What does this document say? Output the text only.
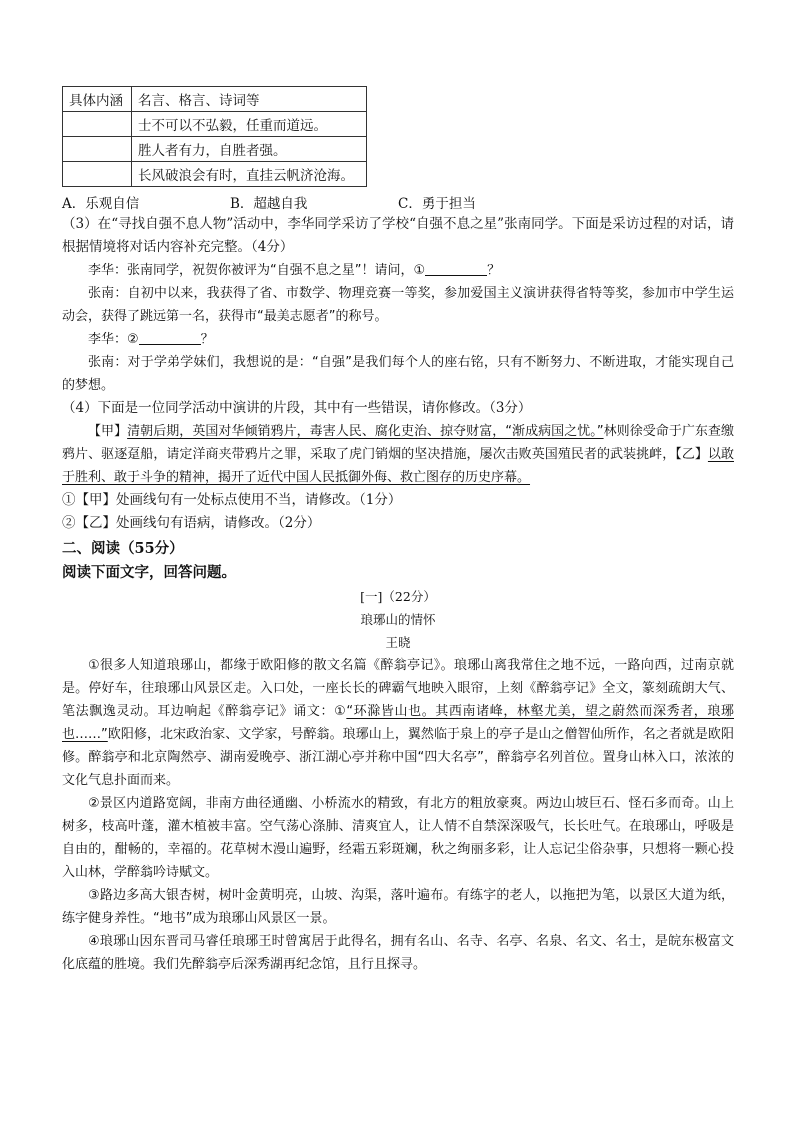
具体内涵	名言、格言、诗词等
	士不可以不弘毅，任重而道远。
	胜人者有力，自胜者强。
	长风破浪会有时，直挂云帆济沧海。
A．乐观自信	B．超越自我	C．勇于担当

（3）在“寻找自强不息人物”活动中，李华同学采访了学校“自强不息之星”张南同学。下面是采访过程的对话，请根据情境将对话内容补充完整。（4分）

李华：张南同学，祝贺你被评为“自强不息之星”！请问，①	？

张南：自初中以来，我获得了省、市数学、物理竞赛一等奖，参加爱国主义演讲获得省特等奖，参加市中学生运动会，获得了跳远第一名，获得市“最美志愿者”的称号。

李华：②	？

张南：对于学弟学妹们，我想说的是：“自强”是我们每个人的座右铭，只有不断努力、不断进取，才能实现自己的梦想。

（4）下面是一位同学活动中演讲的片段，其中有一些错误，请你修改。（3分）

【甲】清朝后期，英国对华倾销鸦片，毒害人民、腐化吏治、掠夺财富，“渐成病国之忧。”林则徐受命于广东查缴鸦片、驱逐趸船，请定洋商夹带鸦片之罪，采取了虎门销烟的坚决措施，屡次击败英国殖民者的武装挑衅，【乙】以敢于胜利、敢于斗争的精神，揭开了近代中国人民抵御外侮、救亡图存的历史序幕。

①【甲】处画线句有一处标点使用不当，请修改。（1分）

②【乙】处画线句有语病，请修改。（2分）

二、阅读（55分）

阅读下面文字，回答问题。

[一]（22分）

琅琊山的情怀

王晓

①很多人知道琅琊山，都缘于欧阳修的散文名篇《醉翁亭记》。琅琊山离我常住之地不远，一路向西，过南京就是。停好车，往琅琊山风景区走。入口处，一座长长的碑霸气地映入眼帘，上刻《醉翁亭记》全文，篆刻疏朗大气、笔法飘逸灵动。耳边响起《醉翁亭记》诵文：①“环滁皆山也。其西南诸峰，林壑尤美，望之蔚然而深秀者，琅琊也……”欧阳修，北宋政治家、文学家，号醉翁。琅琊山上，翼然临于泉上的亭子是山之僧智仙所作，名之者就是欧阳修。醉翁亭和北京陶然亭、湖南爱晚亭、浙江湖心亭并称中国“四大名亭”，醉翁亭名列首位。置身山林入口，浓浓的文化气息扑面而来。

②景区内道路宽阔，非南方曲径通幽、小桥流水的精致，有北方的粗放豪爽。两边山坡巨石、怪石多而奇。山上树多，枝高叶蓬，灌木植被丰富。空气荡心涤肺、清爽宜人，让人情不自禁深深吸气，长长吐气。在琅琊山，呼吸是自由的，酣畅的，幸福的。花草树木漫山遍野，经霜五彩斑斓，秋之绚丽多彩，让人忘记尘俗杂事，只想将一颗心投入山林，学醉翁吟诗赋文。

③路边多高大银杏树，树叶金黄明亮，山坡、沟渠，落叶遍布。有练字的老人，以拖把为笔，以景区大道为纸，练字健身养性。“地书”成为琅琊山风景区一景。

④琅琊山因东晋司马睿任琅琊王时曾寓居于此得名，拥有名山、名寺、名亭、名泉、名文、名士，是皖东极富文化底蕴的胜境。我们先醉翁亭后深秀湖再纪念馆，且行且探寻。
